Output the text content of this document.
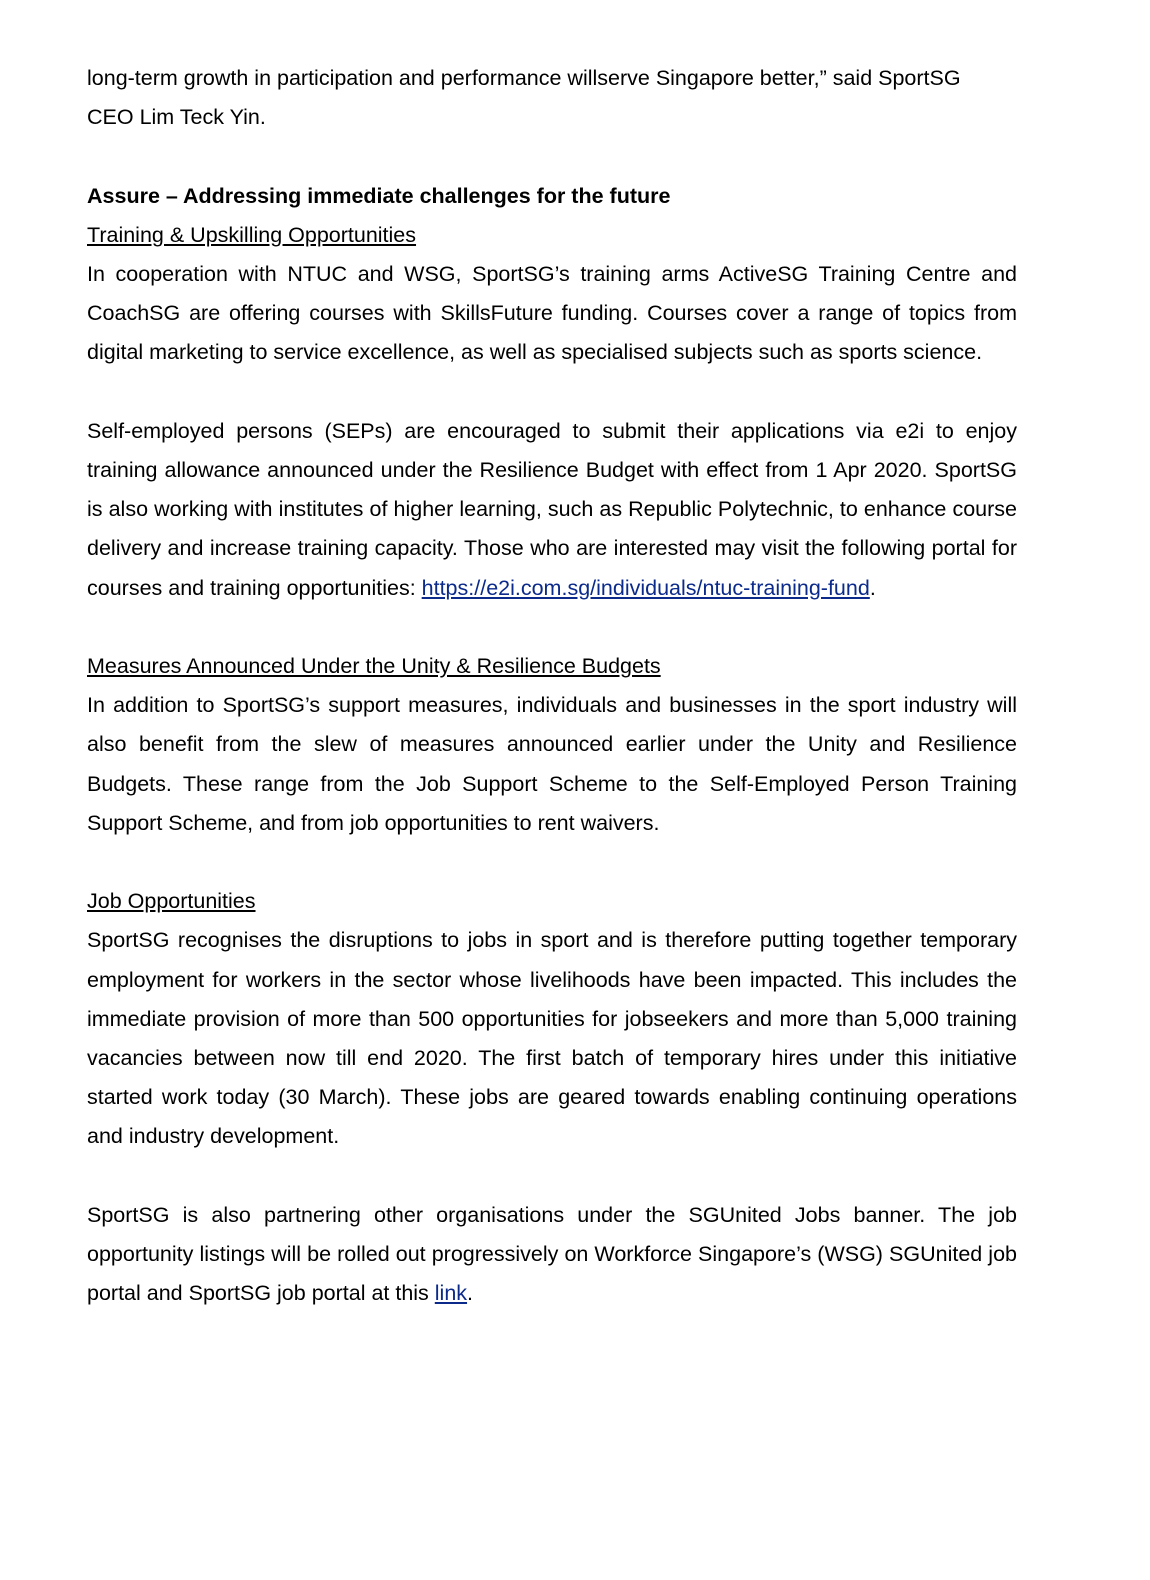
long-term growth in participation and performance willserve Singapore better,” said SportSG
CEO Lim Teck Yin.

Assure – Addressing immediate challenges for the future

Training & Upskilling Opportunities

In cooperation with NTUC and WSG, SportSG’s training arms ActiveSG Training Centre and CoachSG are offering courses with SkillsFuture funding. Courses cover a range of topics from digital marketing to service excellence, as well as specialised subjects such as sports science.

Self-employed persons (SEPs) are encouraged to submit their applications via e2i to enjoy training allowance announced under the Resilience Budget with effect from 1 Apr 2020. SportSG is also working with institutes of higher learning, such as Republic Polytechnic, to enhance course delivery and increase training capacity. Those who are interested may visit the following portal for courses and training opportunities: https://e2i.com.sg/individuals/ntuc-training-fund.

Measures Announced Under the Unity & Resilience Budgets

In addition to SportSG’s support measures, individuals and businesses in the sport industry will also benefit from the slew of measures announced earlier under the Unity and Resilience Budgets. These range from the Job Support Scheme to the Self-Employed Person Training Support Scheme, and from job opportunities to rent waivers.

Job Opportunities

SportSG recognises the disruptions to jobs in sport and is therefore putting together temporary employment for workers in the sector whose livelihoods have been impacted. This includes the immediate provision of more than 500 opportunities for jobseekers and more than 5,000 training vacancies between now till end 2020. The first batch of temporary hires under this initiative started work today (30 March). These jobs are geared towards enabling continuing operations and industry development.

SportSG is also partnering other organisations under the SGUnited Jobs banner. The job opportunity listings will be rolled out progressively on Workforce Singapore’s (WSG) SGUnited job portal and SportSG job portal at this link.
